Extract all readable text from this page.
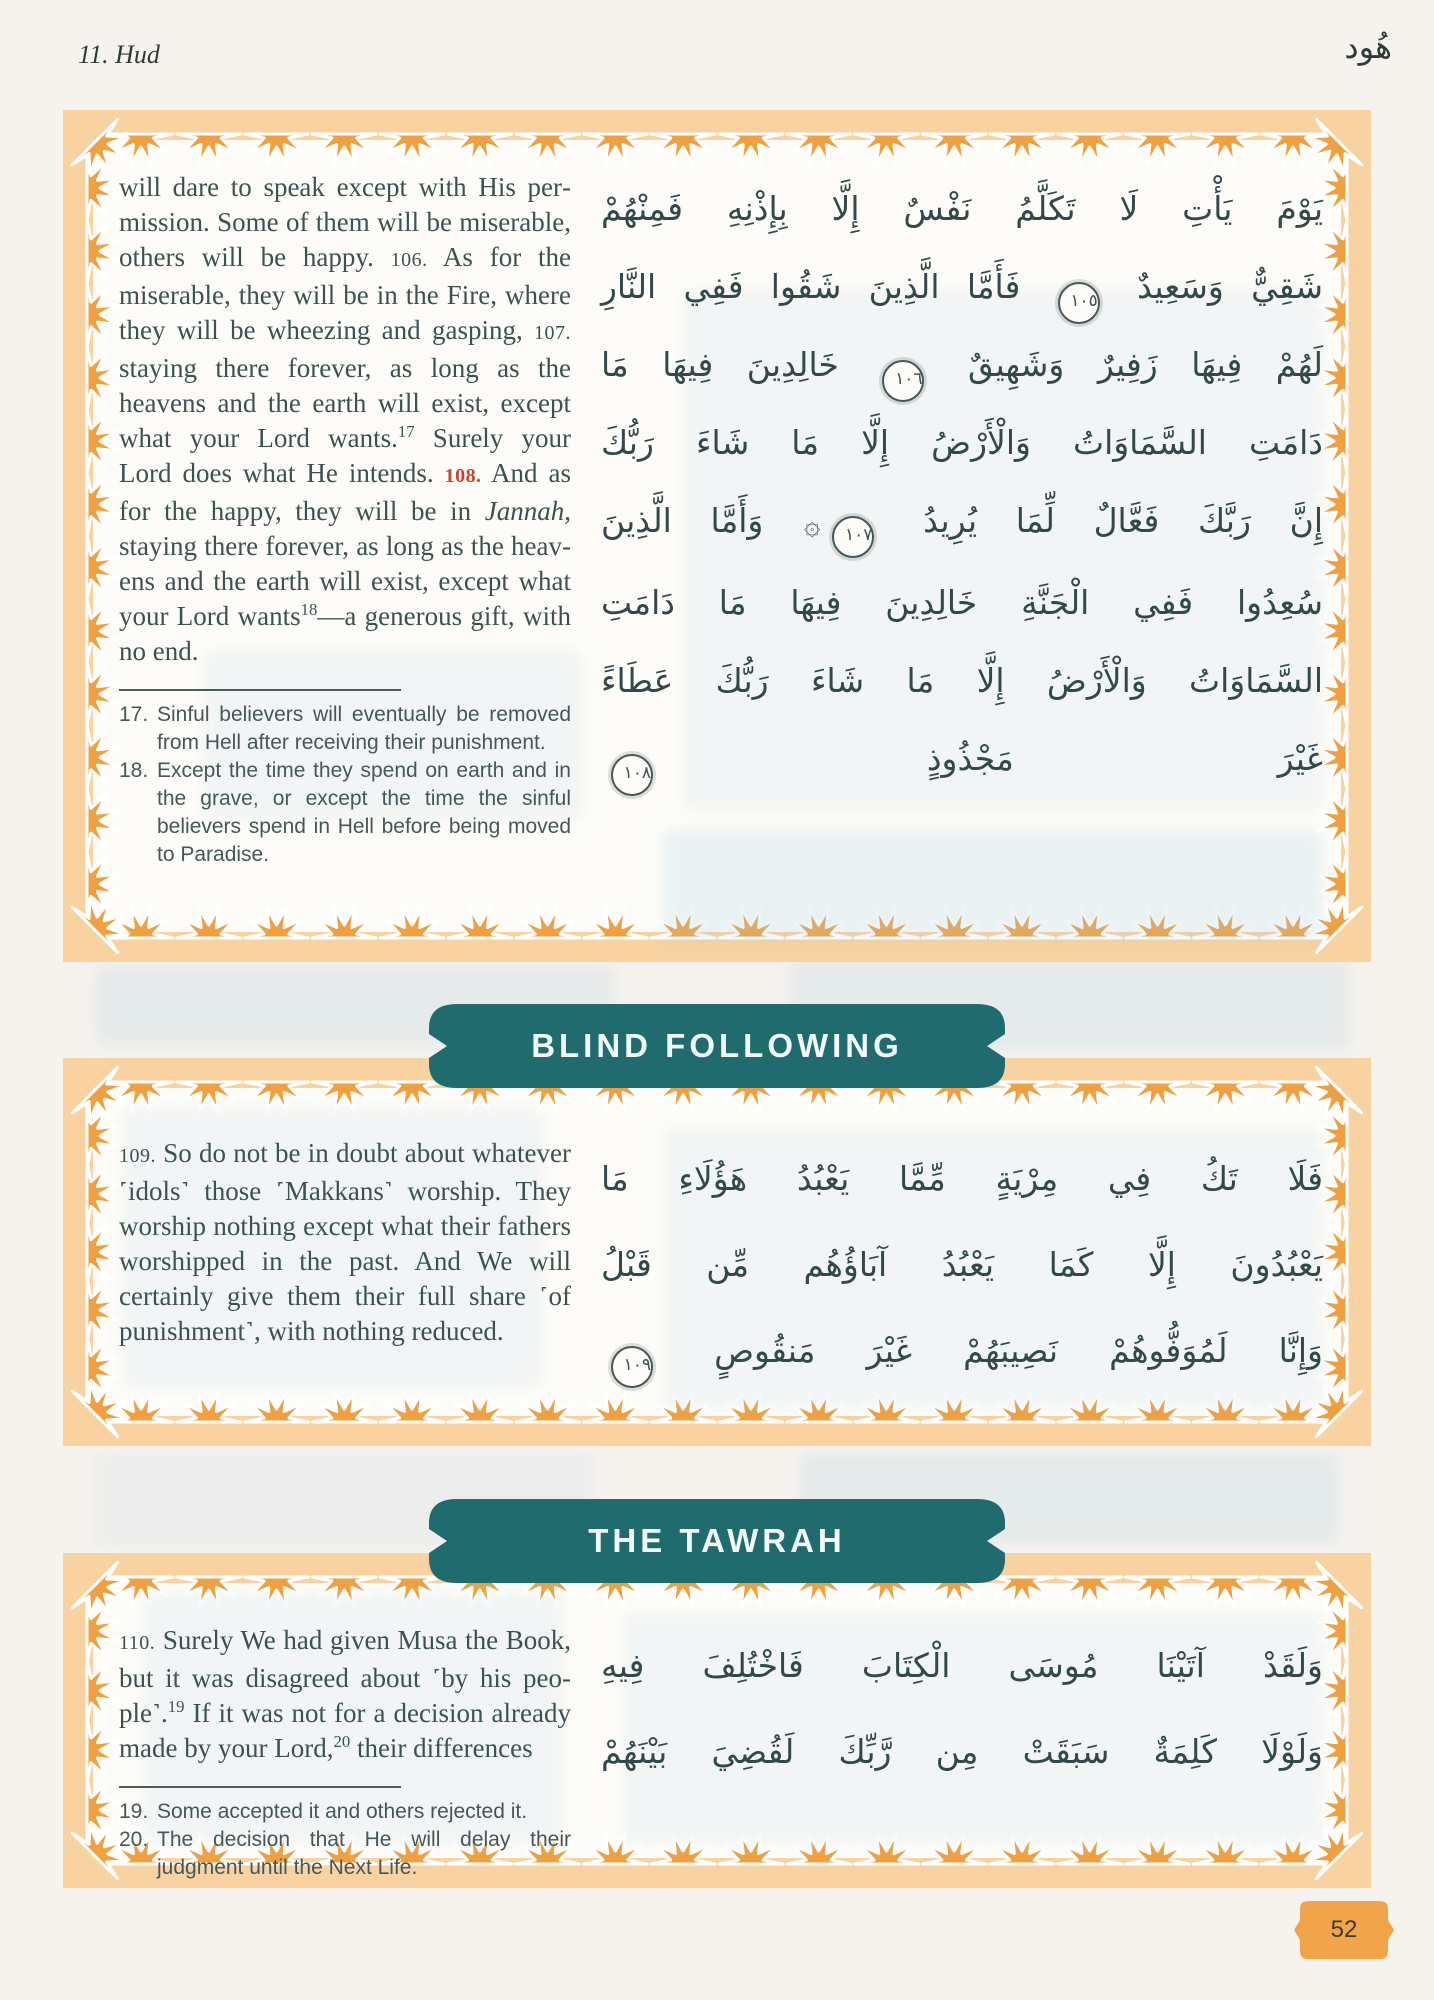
11. Hud	هُود

will dare to speak except with His permission. Some of them will be miserable, others will be happy. 106. As for the miserable, they will be in the Fire, where they will be wheezing and gasping, 107. staying there forever, as long as the heavens and the earth will exist, except what your Lord wants.$^{17}$ Surely your Lord does what He intends. 108. And as for the happy, they will be in Jannah, staying there forever, as long as the heavens and the earth will exist, except what your Lord wants$^{18}$—a generous gift, with no end.

17. Sinful believers will eventually be removed from Hell after receiving their punishment.
18. Except the time they spend on earth and in the grave, or except the time the sinful believers spend in Hell before being moved to Paradise.
يَوْمَ يَأْتِ لَا تَكَلَّمُ نَفْسٌ إِلَّا بِإِذْنِهِ فَمِنْهُمْ
شَقِيٌّ وَسَعِيدٌ ١٠٥ فَأَمَّا الَّذِينَ شَقُوا فَفِي النَّارِ
لَهُمْ فِيهَا زَفِيرٌ وَشَهِيقٌ ١٠٦ خَالِدِينَ فِيهَا مَا
دَامَتِ السَّمَاوَاتُ وَالْأَرْضُ إِلَّا مَا شَاءَ رَبُّكَ
إِنَّ رَبَّكَ فَعَّالٌ لِّمَا يُرِيدُ ١٠٧۞ وَأَمَّا الَّذِينَ
سُعِدُوا فَفِي الْجَنَّةِ خَالِدِينَ فِيهَا مَا دَامَتِ
السَّمَاوَاتُ وَالْأَرْضُ إِلَّا مَا شَاءَ رَبُّكَ عَطَاءً
غَيْرَ مَجْذُوذٍ ١٠٨
BLIND FOLLOWING

109. So do not be in doubt about whatever ˹idols˺ those ˹Makkans˺ worship. They worship nothing except what their fathers worshipped in the past. And We will certainly give them their full share ˹of punishment˺, with nothing reduced.

فَلَا تَكُ فِي مِرْيَةٍ مِّمَّا يَعْبُدُ هَؤُلَاءِ مَا
يَعْبُدُونَ إِلَّا كَمَا يَعْبُدُ آبَاؤُهُم مِّن قَبْلُ
وَإِنَّا لَمُوَفُّوهُمْ نَصِيبَهُمْ غَيْرَ مَنقُوصٍ ١٠٩
THE TAWRAH

110. Surely We had given Musa the Book, but it was disagreed about ˹by his people˺.$^{19}$ If it was not for a decision already made by your Lord,$^{20}$ their differences

19. Some accepted it and others rejected it.
20. The decision that He will delay their judgment until the Next Life.
وَلَقَدْ آتَيْنَا مُوسَى الْكِتَابَ فَاخْتُلِفَ فِيهِ
وَلَوْلَا كَلِمَةٌ سَبَقَتْ مِن رَّبِّكَ لَقُضِيَ بَيْنَهُمْ
52
